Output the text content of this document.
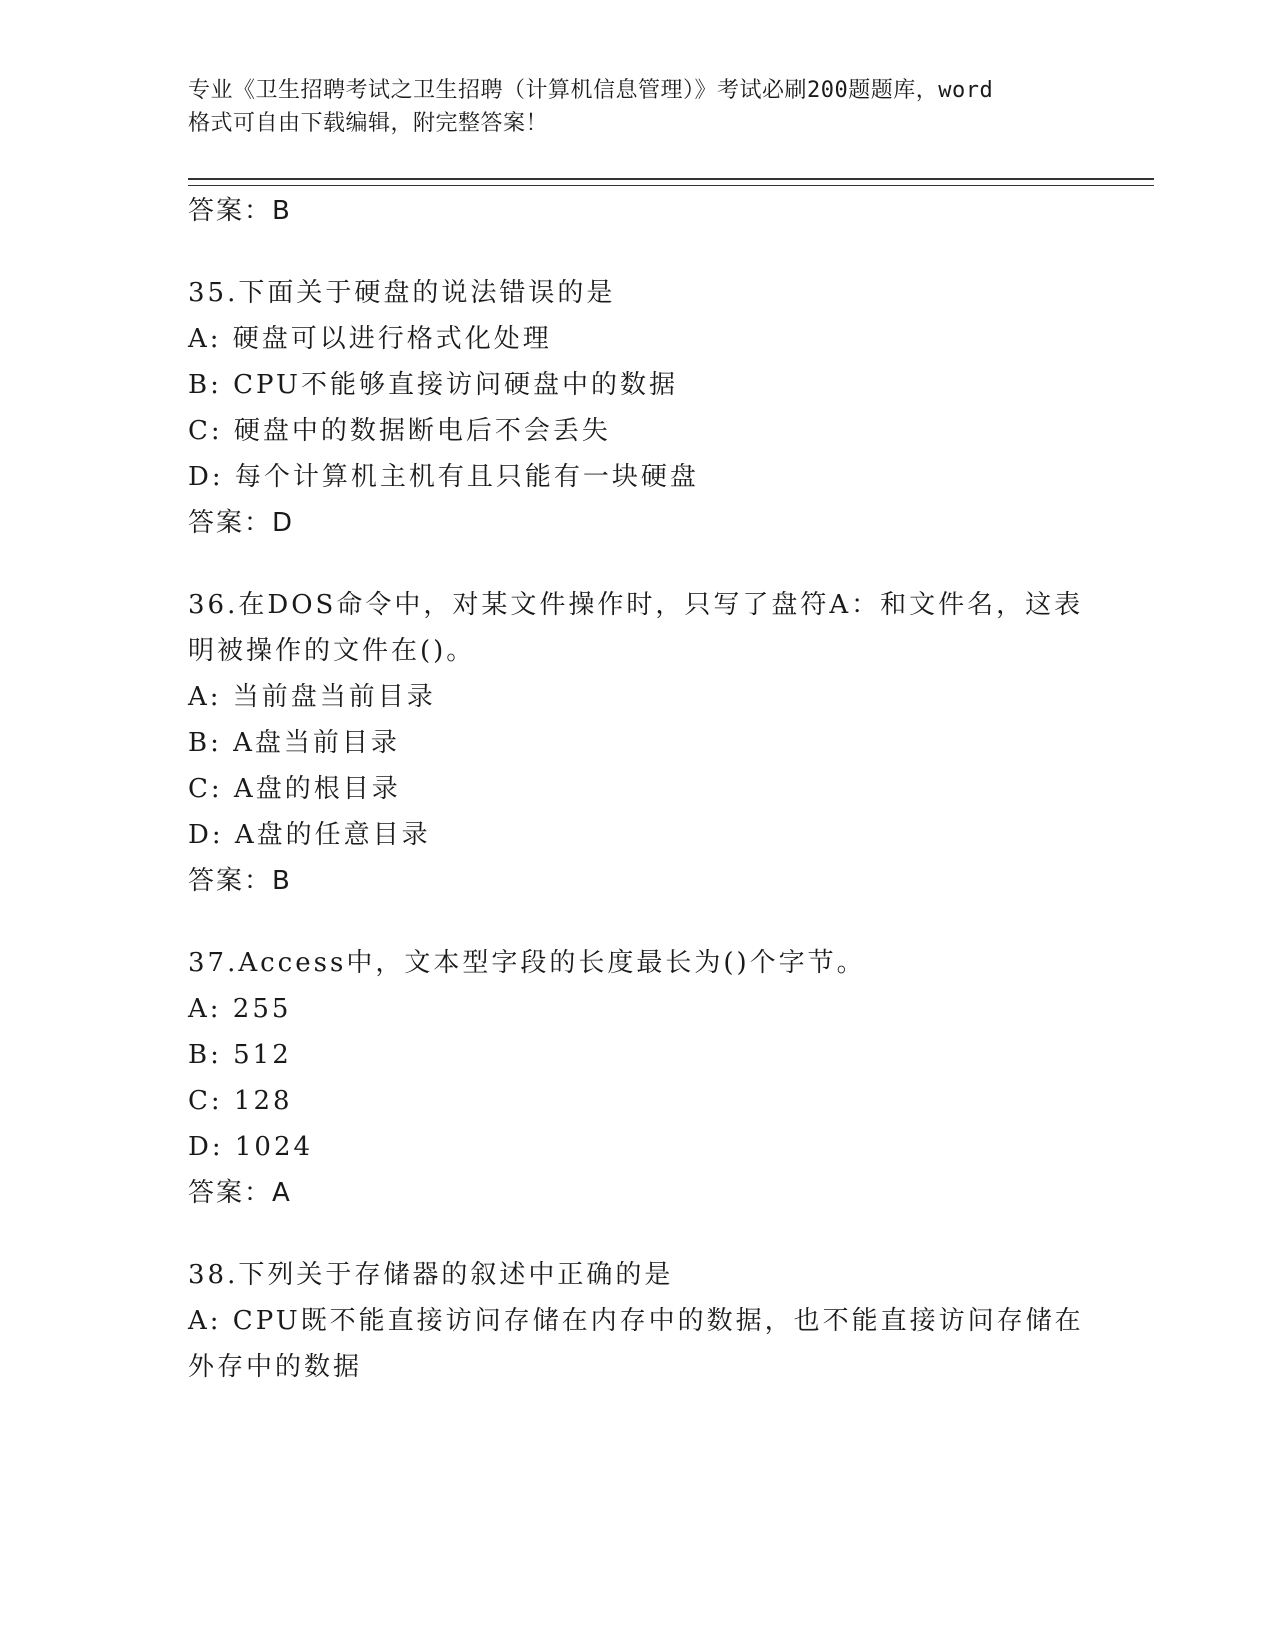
专业《卫生招聘考试之卫生招聘（计算机信息管理）》考试必刷200题题库，word
格式可自由下载编辑，附完整答案！
答案：B
35.下面关于硬盘的说法错误的是
A: 硬盘可以进行格式化处理
B: CPU不能够直接访问硬盘中的数据
C: 硬盘中的数据断电后不会丢失
D: 每个计算机主机有且只能有一块硬盘
答案：D
36.在DOS命令中，对某文件操作时，只写了盘符A：和文件名，这表明被操作的文件在()。
A: 当前盘当前目录
B: A盘当前目录
C: A盘的根目录
D: A盘的任意目录
答案：B
37.Access中，文本型字段的长度最长为()个字节。
A: 255
B: 512
C: 128
D: 1024
答案：A
38.下列关于存储器的叙述中正确的是
A: CPU既不能直接访问存储在内存中的数据，也不能直接访问存储在外存中的数据
